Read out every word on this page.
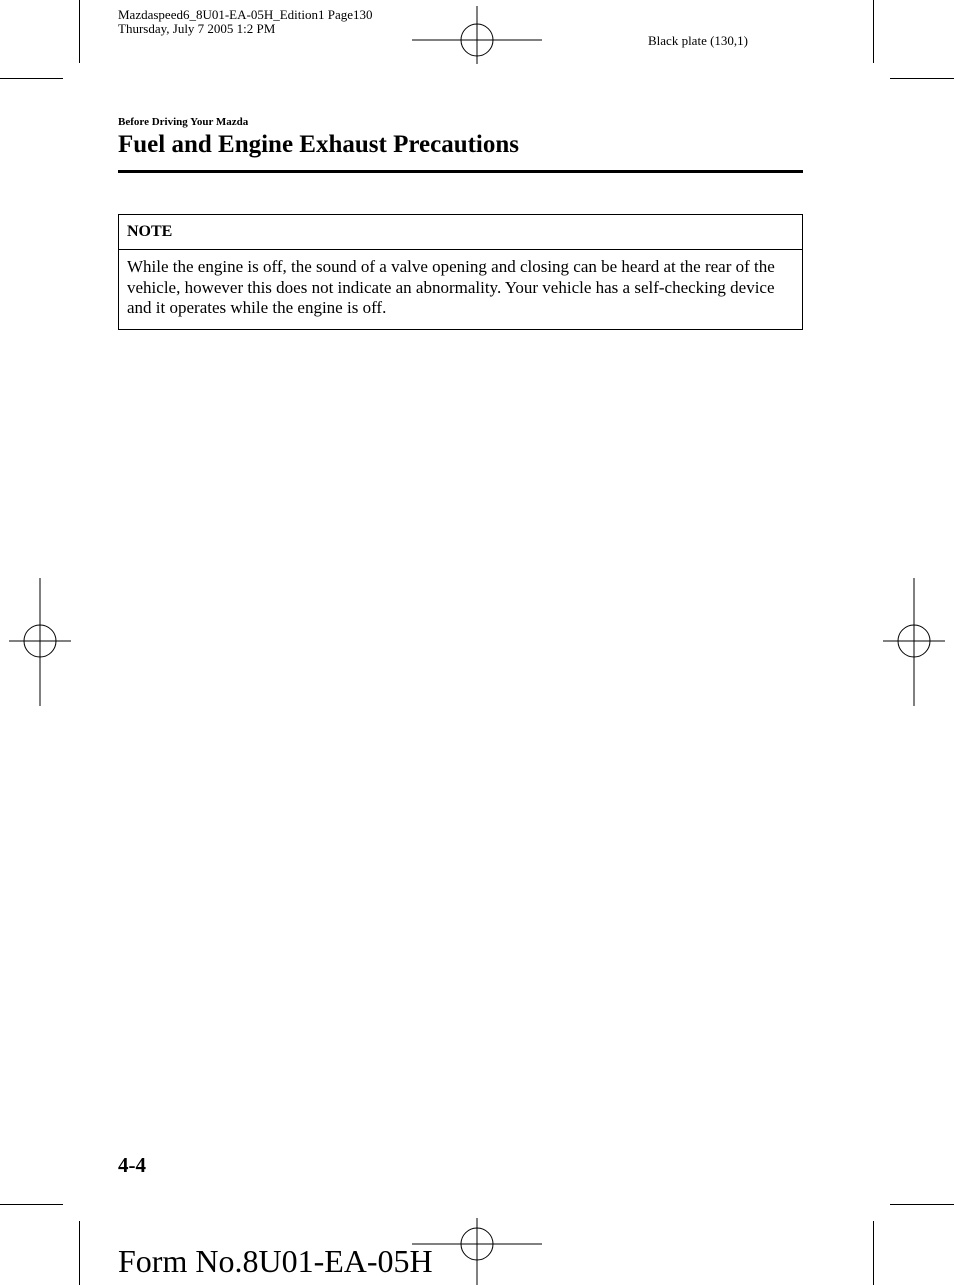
Mazdaspeed6_8U01-EA-05H_Edition1 Page130
Thursday, July 7 2005 1:2 PM
Black plate (130,1)
Before Driving Your Mazda
Fuel and Engine Exhaust Precautions
NOTE
While the engine is off, the sound of a valve opening and closing can be heard at the rear of the vehicle, however this does not indicate an abnormality. Your vehicle has a self-checking device and it operates while the engine is off.
4-4
Form No.8U01-EA-05H
